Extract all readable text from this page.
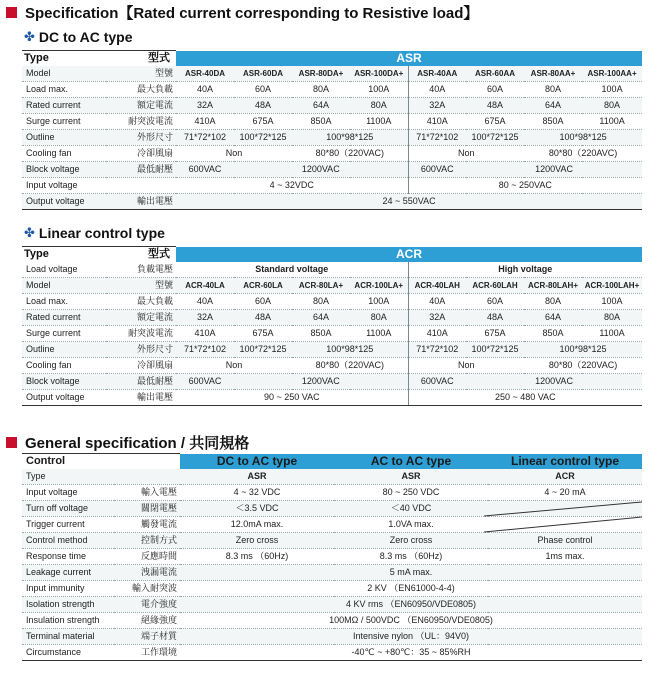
Specification【Rated current corresponding to Resistive load】
✤ DC to AC type
Type 型式		ASR							
Model	型號	ASR-40DA	ASR-60DA	ASR-80DA+	ASR-100DA+	ASR-40AA	ASR-60AA	ASR-80AA+	ASR-100AA+
Load max.	最大負載	40A	60A	80A	100A	40A	60A	80A	100A
Rated current	額定電流	32A	48A	64A	80A	32A	48A	64A	80A
Surge current	耐突波電流	410A	675A	850A	1100A	410A	675A	850A	1100A
Outline	外形尺寸	71*72*102	100*72*125	100*98*125		71*72*102	100*72*125	100*98*125	
Cooling fan	冷卻風扇	Non		80*80（220VAC)		Non		80*80（220AVC)	
Block voltage	最低耐壓	600VAC	1200VAC			600VAC	1200VAC		
Input voltage		4 ~ 32VDC				80 ~ 250VAC			
Output voltage	輸出電壓	24 ~ 550VAC							
✤ Linear control type
Type 型式		ACR							
Load voltage	負載電壓	Standard voltage				High voltage			
Model	型號	ACR-40LA	ACR-60LA	ACR-80LA+	ACR-100LA+	ACR-40LAH	ACR-60LAH	ACR-80LAH+	ACR-100LAH+
Load max.	最大負載	40A	60A	80A	100A	40A	60A	80A	100A
Rated current	額定電流	32A	48A	64A	80A	32A	48A	64A	80A
Surge current	耐突波電流	410A	675A	850A	1100A	410A	675A	850A	1100A
Outline	外形尺寸	71*72*102	100*72*125	100*98*125		71*72*102	100*72*125	100*98*125	
Cooling fan	冷卻風扇	Non		80*80（220VAC)		Non		80*80（220VAC)	
Block voltage	最低耐壓	600VAC	1200VAC			600VAC	1200VAC		
Output voltage	輸出電壓	90 ~ 250 VAC				250 ~ 480 VAC			
General specification / 共同規格
Control		DC to AC type	AC to AC type	Linear control type
Type		ASR	ASR	ACR
Input voltage	輸入電壓	4 ~ 32 VDC	80 ~ 250 VDC	4 ~ 20 mA
Turn off voltage	關閉電壓	＜3.5 VDC	＜40 VDC	
Trigger current	觸發電流	12.0mA max.	1.0VA max.	
Control method	控制方式	Zero cross	Zero cross	Phase control
Response time	反應時間	8.3 ms （60Hz)	8.3 ms （60Hz)	1ms max.
Leakage current	洩漏電流	5 mA max.		
Input immunity	輸入耐突波	2 KV （EN61000-4-4)		
Isolation strength	電介強度	4 KV rms （EN60950/VDE0805)		
Insulation strength	絕緣強度	100MΩ / 500VDC （EN60950/VDE0805)		
Terminal material	端子材質	Intensive nylon （UL：94V0)		
Circumstance	工作環境	-40℃ ~ +80℃：35 ~ 85%RH		
